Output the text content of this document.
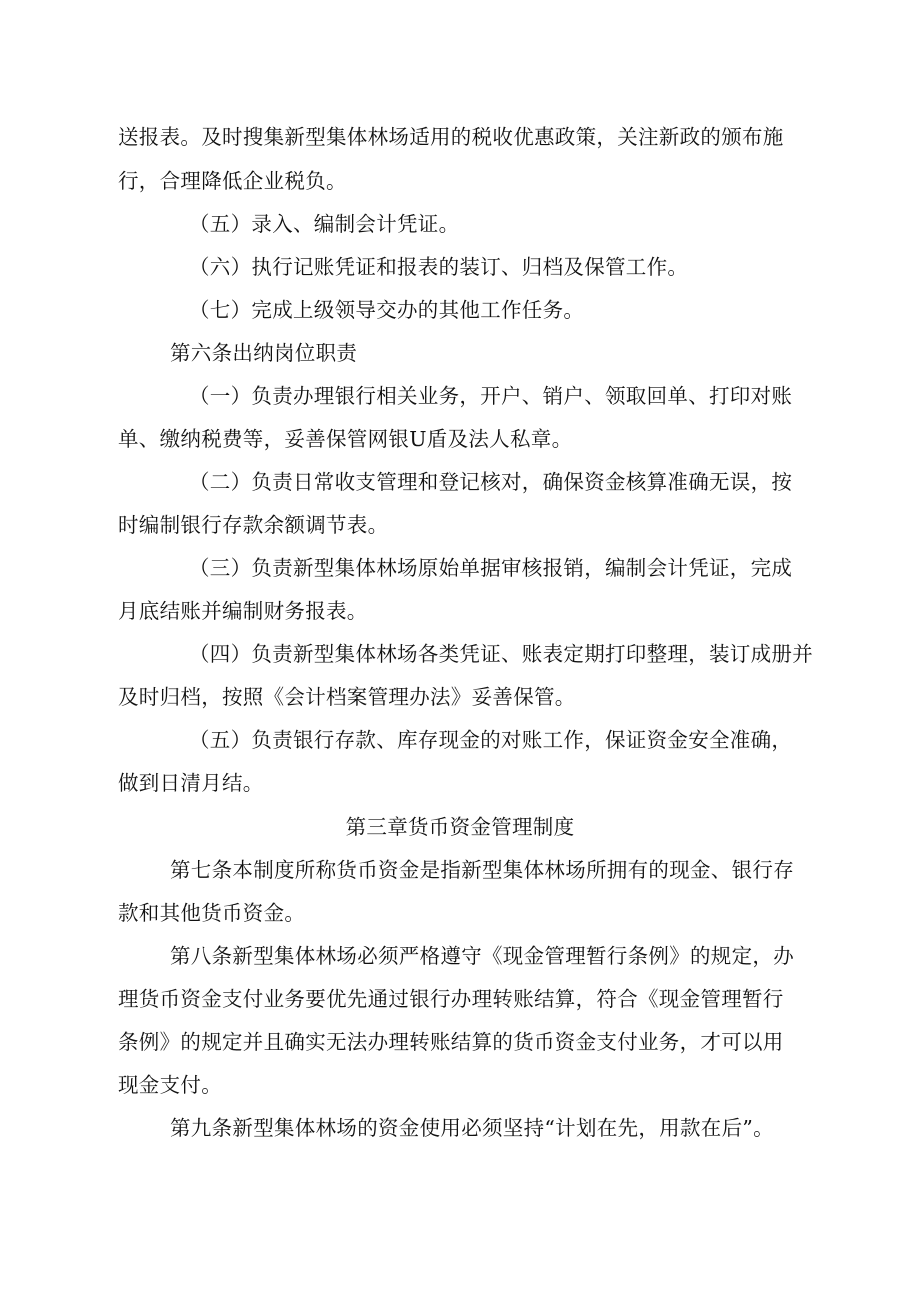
送报表。及时搜集新型集体林场适用的税收优惠政策，关注新政的颁布施
行，合理降低企业税负。
（五）录入、编制会计凭证。
（六）执行记账凭证和报表的装订、归档及保管工作。
（七）完成上级领导交办的其他工作任务。
第六条出纳岗位职责
（一）负责办理银行相关业务，开户、销户、领取回单、打印对账
单、缴纳税费等，妥善保管网银U盾及法人私章。
（二）负责日常收支管理和登记核对，确保资金核算准确无误，按
时编制银行存款余额调节表。
（三）负责新型集体林场原始单据审核报销，编制会计凭证，完成
月底结账并编制财务报表。
（四）负责新型集体林场各类凭证、账表定期打印整理，装订成册并
及时归档，按照《会计档案管理办法》妥善保管。
（五）负责银行存款、库存现金的对账工作，保证资金安全准确，
做到日清月结。
第三章货币资金管理制度
第七条本制度所称货币资金是指新型集体林场所拥有的现金、银行存
款和其他货币资金。
第八条新型集体林场必须严格遵守《现金管理暂行条例》的规定，办
理货币资金支付业务要优先通过银行办理转账结算，符合《现金管理暂行
条例》的规定并且确实无法办理转账结算的货币资金支付业务，才可以用
现金支付。
第九条新型集体林场的资金使用必须坚持“计划在先，用款在后”。
